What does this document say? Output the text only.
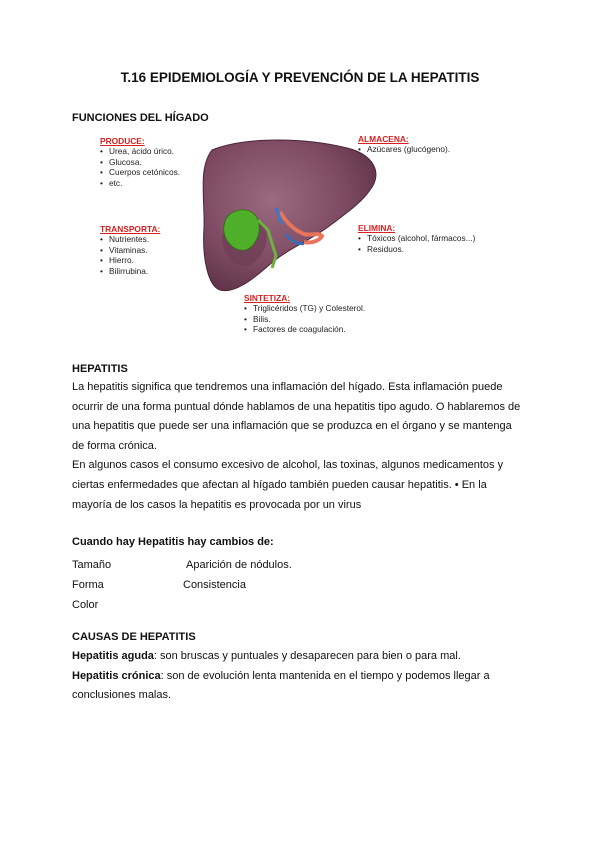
T.16 EPIDEMIOLOGÍA Y PREVENCIÓN DE LA HEPATITIS
FUNCIONES DEL HÍGADO
PRODUCE:
• Urea, ácido úrico.
• Glucosa.
• Cuerpos cetónicos.
• etc.
TRANSPORTA:
• Nutrientes.
• Vitaminas.
• Hierro.
• Bilirrubina.
ALMACENA:
• Azúcares (glucógeno).
ELIMINA:
• Tóxicos (alcohol, fármacos...)
• Residuos.
SINTETIZA:
• Triglicéridos (TG) y Colesterol.
• Bilis.
• Factores de coagulación.
HEPATITIS
La hepatitis significa que tendremos una inflamación del hígado. Esta inflamación puede
ocurrir de una forma puntual dónde hablamos de una hepatitis tipo agudo. O hablaremos de
una hepatitis que puede ser una inflamación que se produzca en el órgano y se mantenga
de forma crónica.
En algunos casos el consumo excesivo de alcohol, las toxinas, algunos medicamentos y
ciertas enfermedades que afectan al hígado también pueden causar hepatitis. • En la
mayoría de los casos la hepatitis es provocada por un virus
Cuando hay Hepatitis hay cambios de:
Tamaño
Forma
Color
Aparición de nódulos.
Consistencia
CAUSAS DE HEPATITIS
Hepatitis aguda: son bruscas y puntuales y desaparecen para bien o para mal.
Hepatitis crónica: son de evolución lenta mantenida en el tiempo y podemos llegar a
conclusiones malas.
